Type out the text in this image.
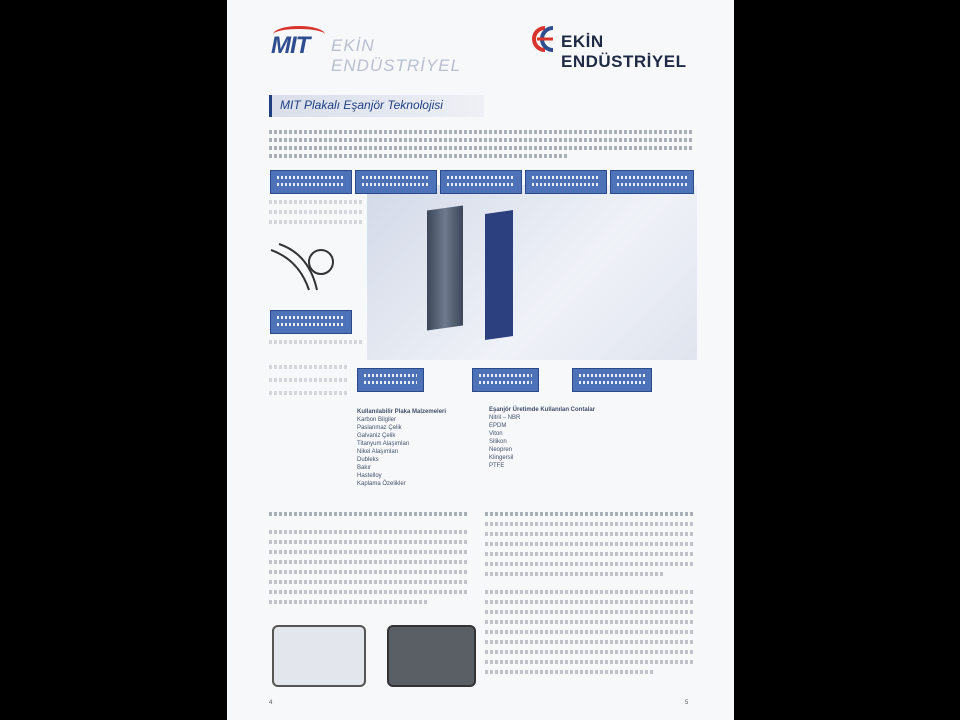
MIT EKİN ENDÜSTRİYEL
EKİN ENDÜSTRİYEL
MIT Plakalı Eşanjör Teknolojisi
Kullanılabilir Plaka Malzemeleri
Karbon Bilgiler
Paslanmaz Çelik
Galvaniz Çelik
Titanyum Alaşımları
Nikel Alaşımları
Dubleks
Bakır
Hastelloy
Kaplama Özelikler
Eşanjör Üretimde Kullanılan Contalar
Nitril – NBR
EPDM
Viton
Silikon
Neopren
Klingersil
PTFE
4	5
